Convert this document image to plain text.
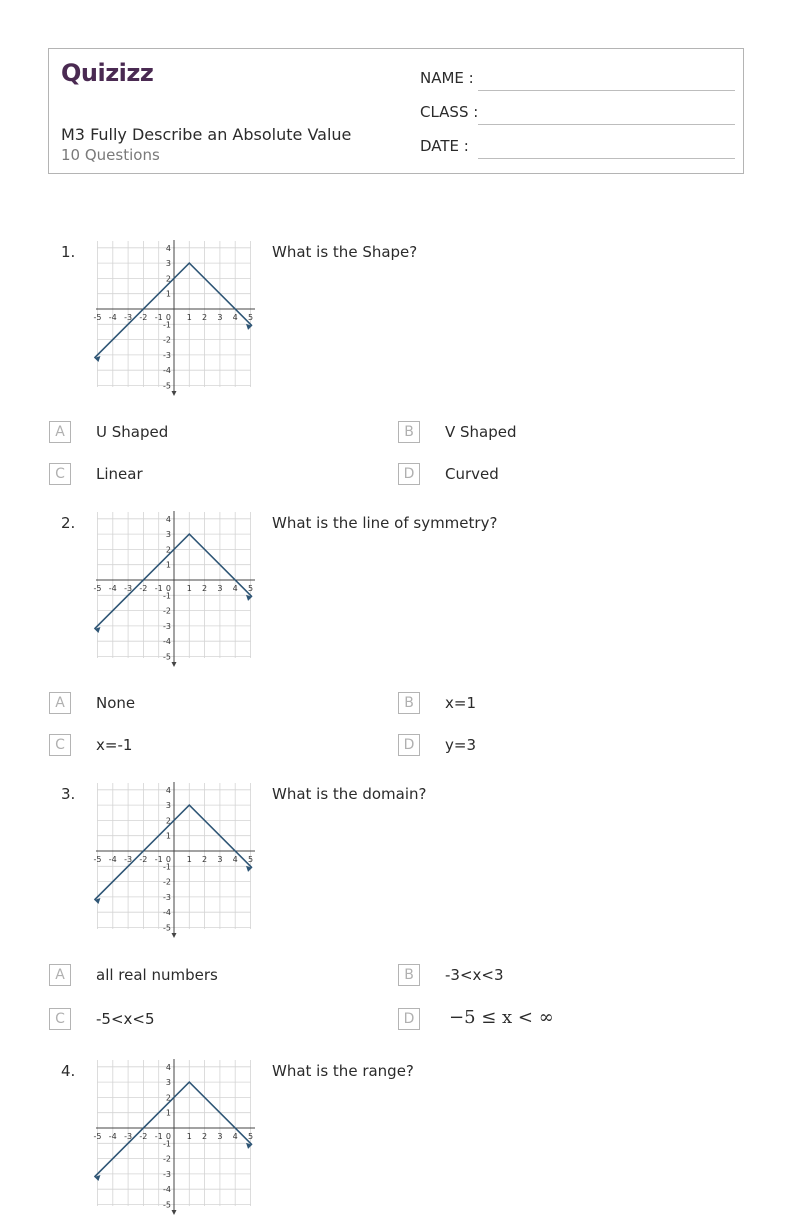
Quizizz
M3 Fully Describe an Absolute Value
10 Questions
NAME :
CLASS :
DATE :
1.
-5 -4 -3 -2 -1	1 2 3 4 5
4
3
2
1
-1
-2
-3
-4
-5
0
What is the Shape?
A	U Shaped	B	V Shaped
C	Linear	D	Curved
2.
-5 -4 -3 -2 -1	1 2 3 4 5
4
3
2
1
-1
-2
-3
-4
-5
0
What is the line of symmetry?
A	None	B	x=1
C	x=-1	D	y=3
3.
-5 -4 -3 -2 -1	1 2 3 4 5
4
3
2
1
-1
-2
-3
-4
-5
0
What is the domain?
A	all real numbers	B	-3<x<3
C	-5<x<5	D	−5 ≤ x < ∞
4.
-5 -4 -3 -2 -1	1 2 3 4 5
4
3
2
1
-1
-2
-3
-4
-5
0
What is the range?
